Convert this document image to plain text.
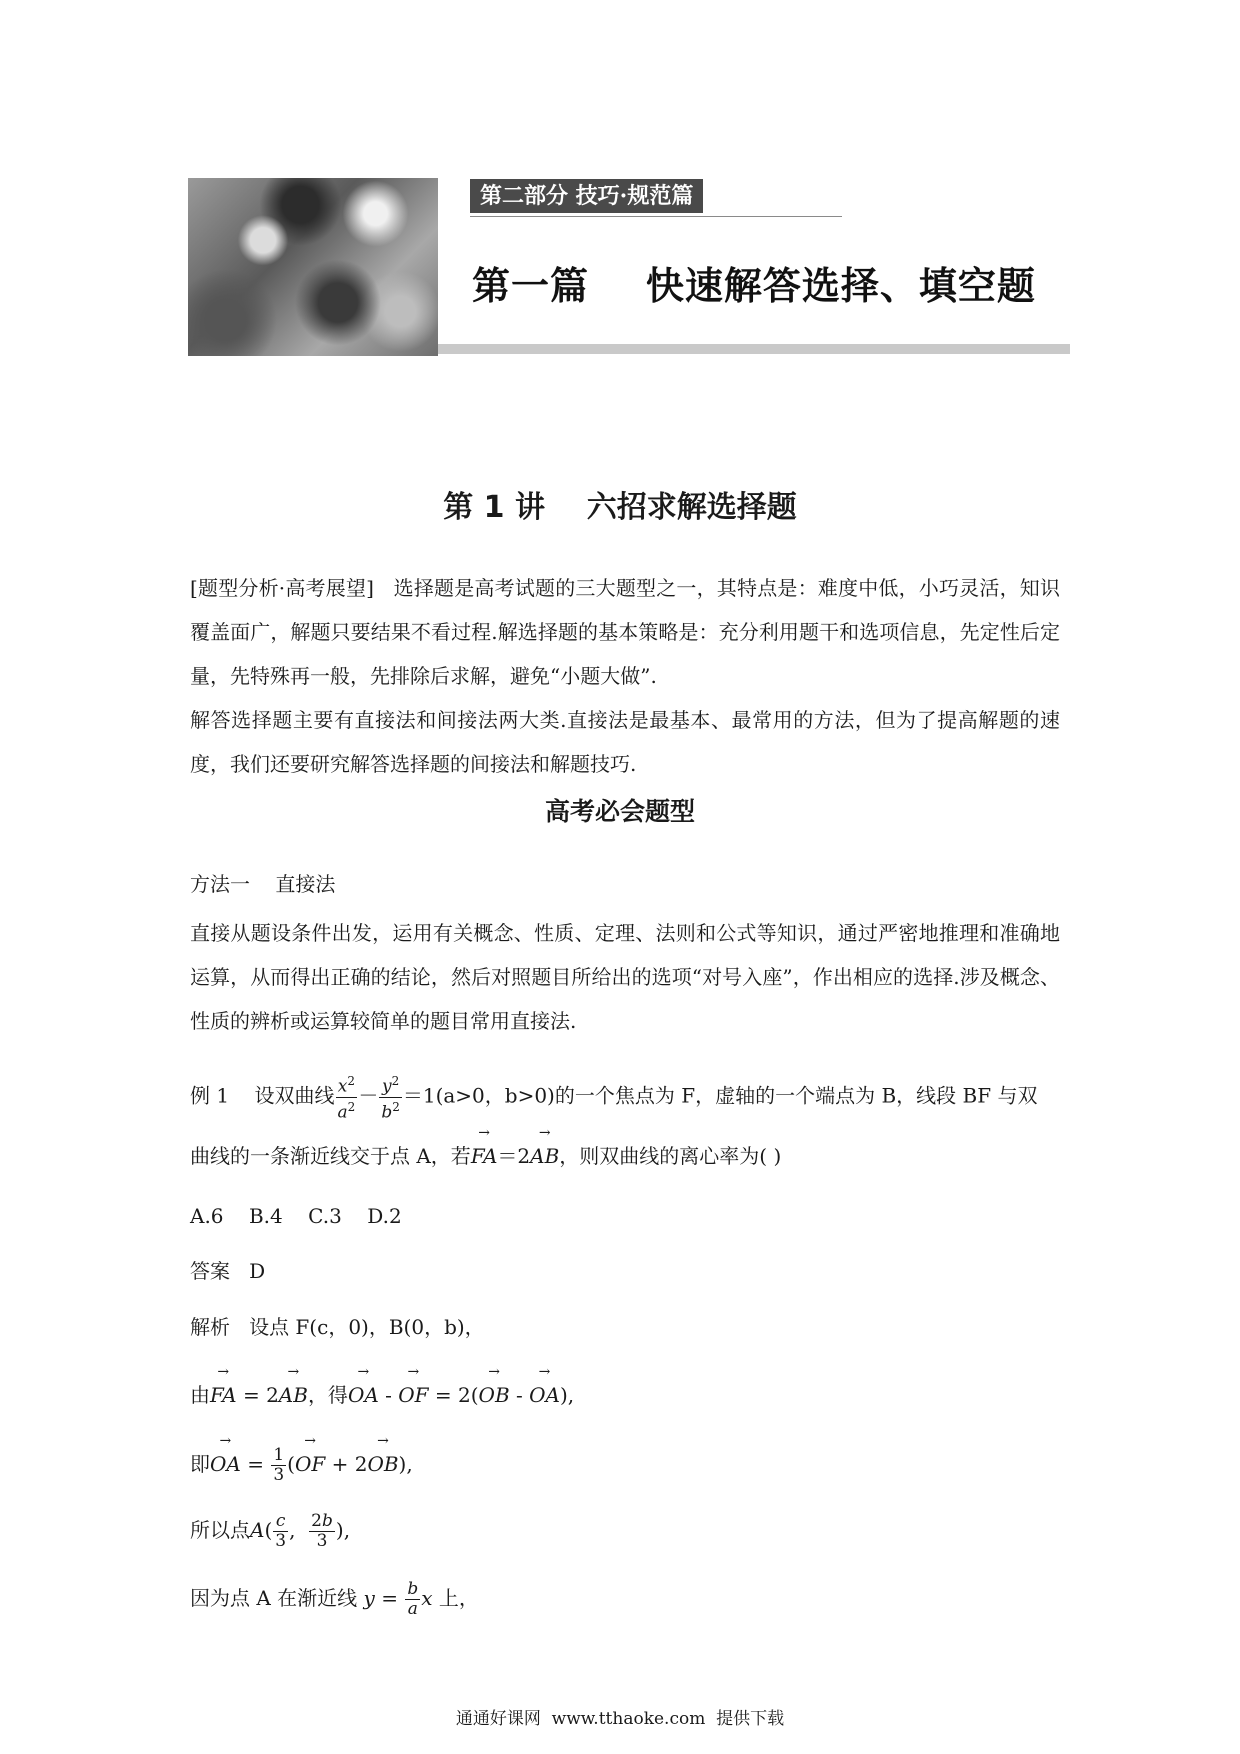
第二部分 技巧·规范篇
第一篇    快速解答选择、填空题
第 1 讲    六招求解选择题
[题型分析·高考展望] 选择题是高考试题的三大题型之一，其特点是：难度中低，小巧灵活，知识覆盖面广，解题只要结果不看过程.解选择题的基本策略是：充分利用题干和选项信息，先定性后定量，先特殊再一般，先排除后求解，避免“小题大做”.
解答选择题主要有直接法和间接法两大类.直接法是最基本、最常用的方法，但为了提高解题的速度，我们还要研究解答选择题的间接法和解题技巧.
高考必会题型
方法一    直接法
直接从题设条件出发，运用有关概念、性质、定理、法则和公式等知识，通过严密地推理和准确地运算，从而得出正确的结论，然后对照题目所给出的选项“对号入座”，作出相应的选择.涉及概念、性质的辨析或运算较简单的题目常用直接法.
例 1 设双曲线 $\frac{x^2}{a^2} - \frac{y^2}{b^2} =1(a>0$，b>0)的一个焦点为 F，虚轴的一个端点为 B，线段 BF 与双
曲线的一条渐近线交于点 A，若→ FA＝2→ AB，则双曲线的离心率为( )
A.6    B.4    C.3    D.2
答案 D
解析 设点 F(c，0)，B(0，b)，
由→ FA = 2→ AB，得→ OA - → OF = 2(→ OB - → OA),
即→ OA = $\frac{1}{3}$ (→ OF + 2→ OB),
所以点$A( \frac{c}{3}$ , $\frac{2b}{3}$ ),
因为点 A 在渐近线 $y = \frac{b}{a}$ x 上，
通通好课网  www.tthaoke.com  提供下载
